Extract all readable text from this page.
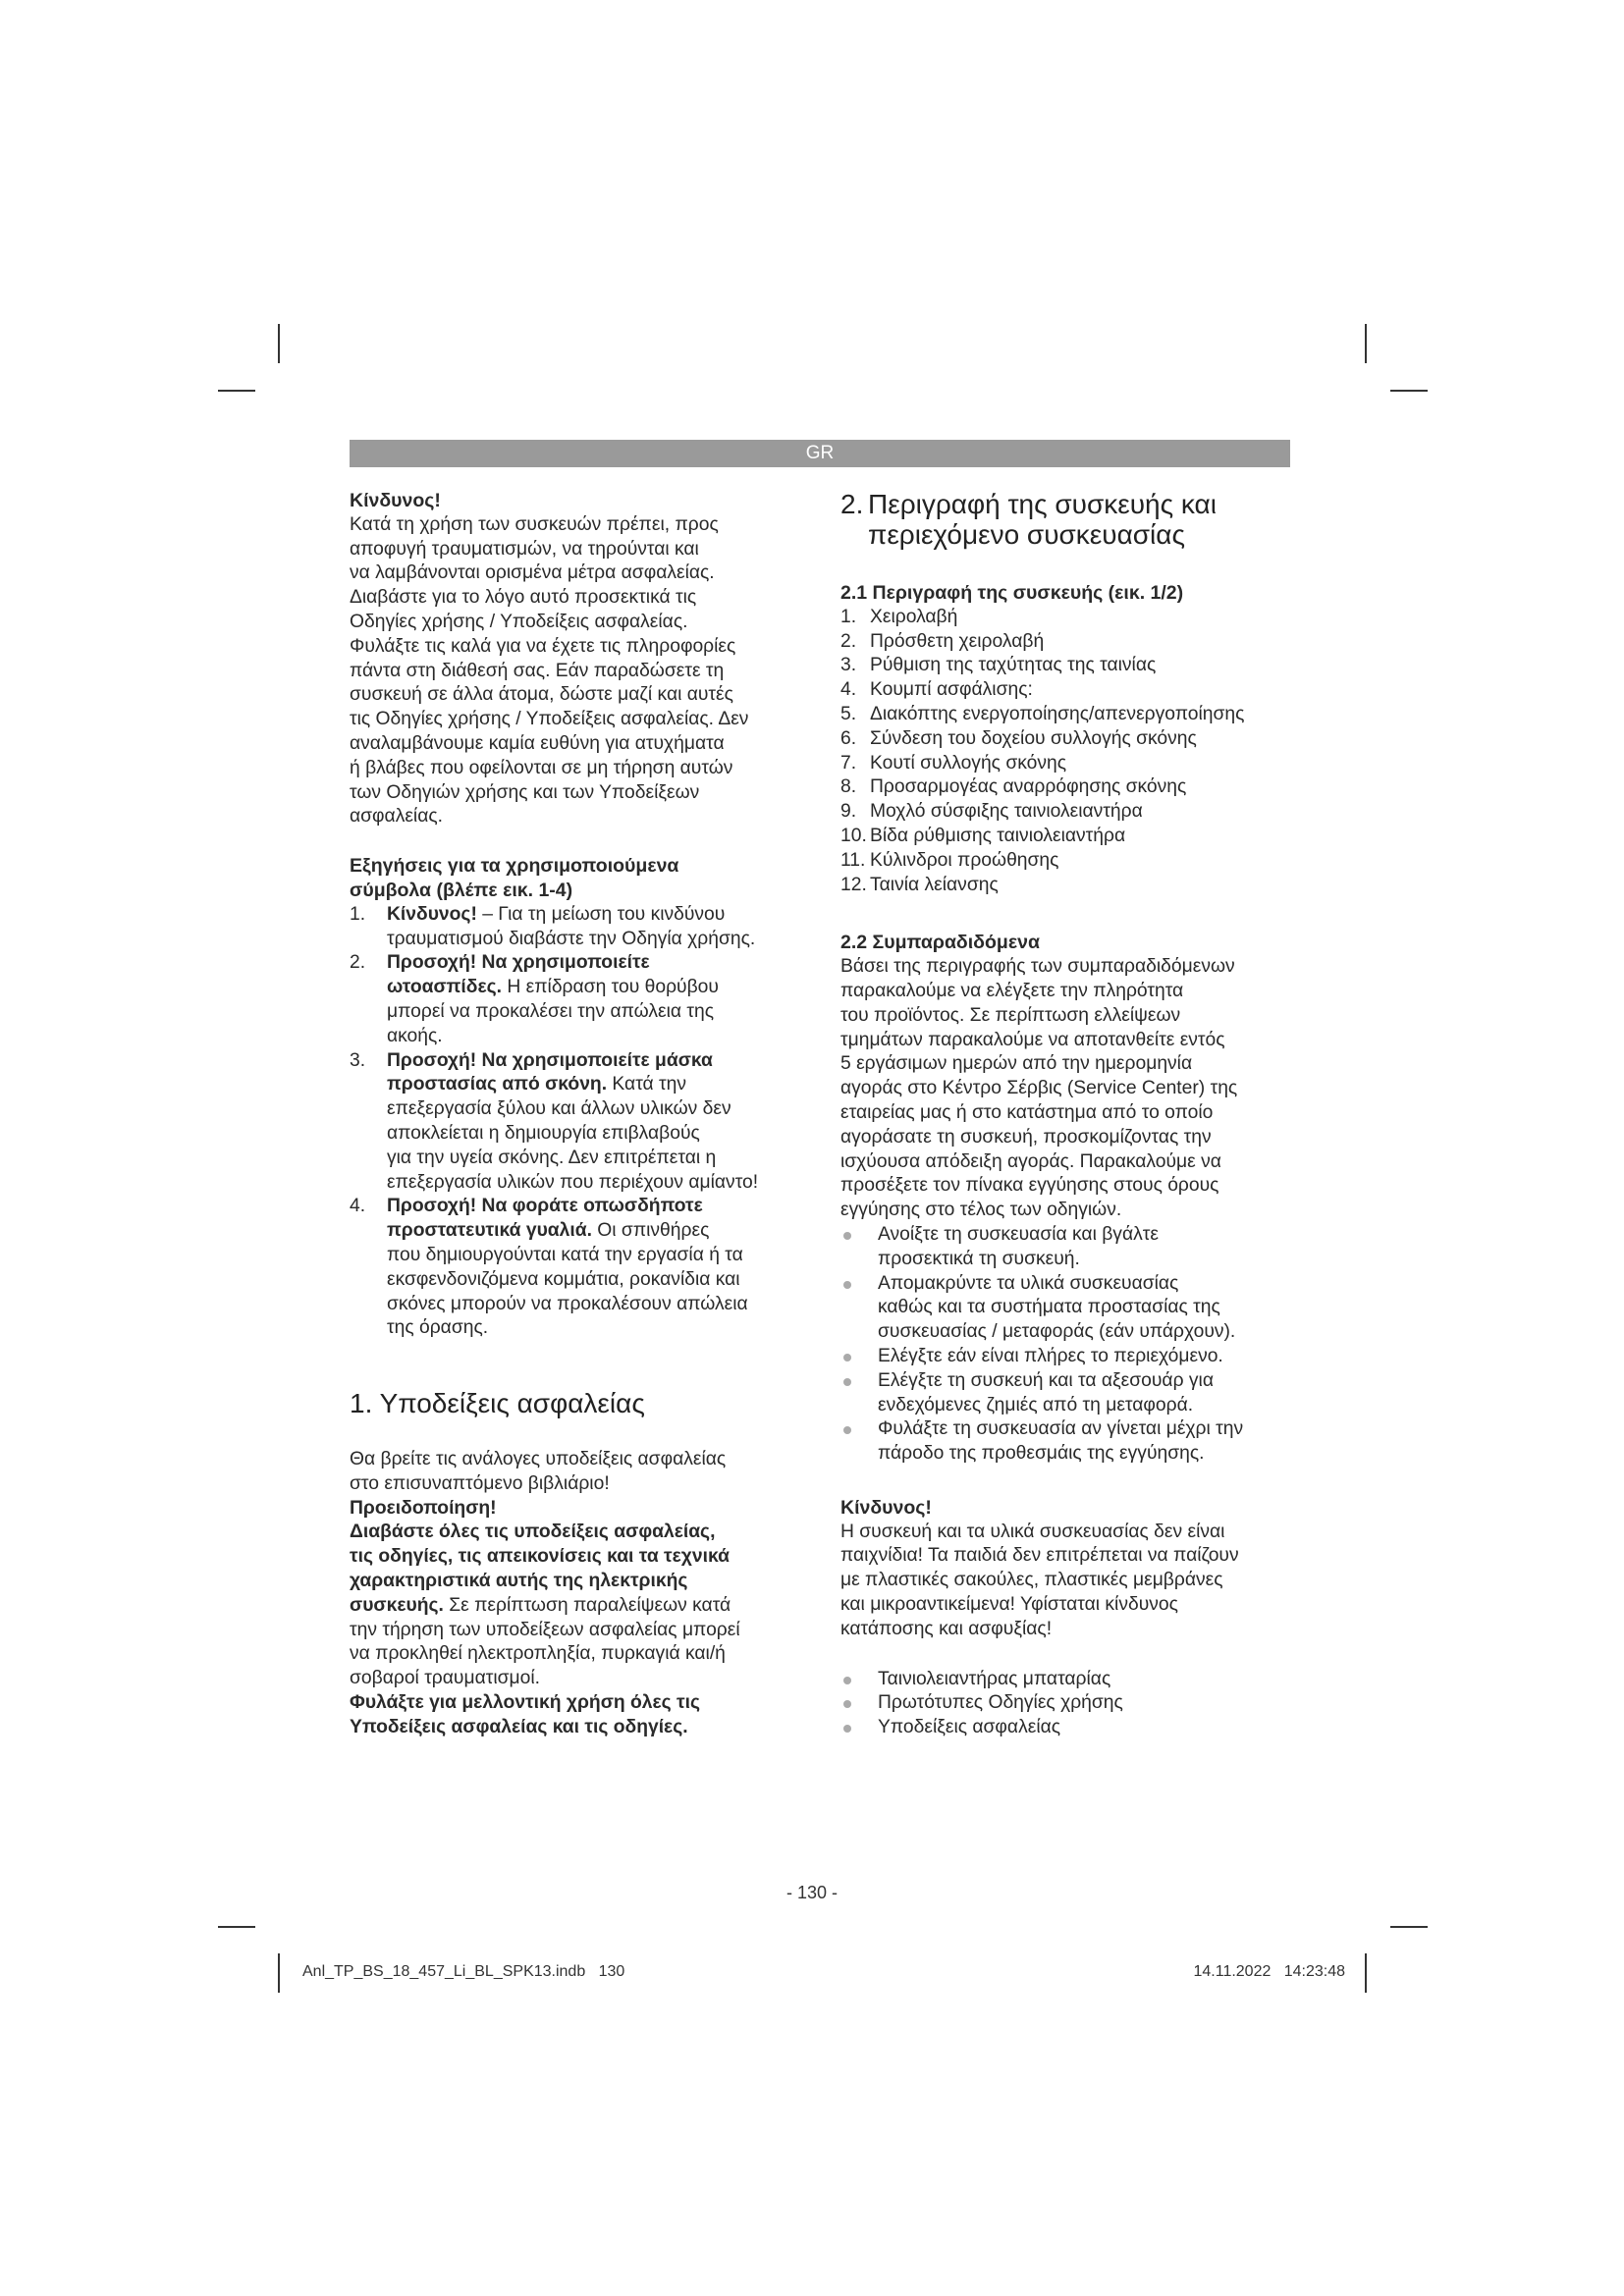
GR

Κίνδυνος!

Κατά τη χρήση των συσκευών πρέπει, προς
αποφυγή τραυματισμών, να τηρούνται και
να λαμβάνονται ορισμένα μέτρα ασφαλείας.
Διαβάστε για το λόγο αυτό προσεκτικά τις
Οδηγίες χρήσης / Υποδείξεις ασφαλείας.
Φυλάξτε τις καλά για να έχετε τις πληροφορίες
πάντα στη διάθεσή σας. Εάν παραδώσετε τη
συσκευή σε άλλα άτομα, δώστε μαζί και αυτές
τις Οδηγίες χρήσης / Υποδείξεις ασφαλείας. Δεν
αναλαμβάνουμε καμία ευθύνη για ατυχήματα
ή βλάβες που οφείλονται σε μη τήρηση αυτών
των Οδηγιών χρήσης και των Υποδείξεων
ασφαλείας.

Εξηγήσεις για τα χρησιμοποιούμενα
σύμβολα (βλέπε εικ. 1-4)

1. Κίνδυνος! – Για τη μείωση του κινδύνου
τραυματισμού διαβάστε την Οδηγία χρήσης.
2. Προσοχή! Να χρησιμοποιείτε
ωτοασπίδες. Η επίδραση του θορύβου
μπορεί να προκαλέσει την απώλεια της
ακοής.
3. Προσοχή! Να χρησιμοποιείτε μάσκα
προστασίας από σκόνη. Κατά την
επεξεργασία ξύλου και άλλων υλικών δεν
αποκλείεται η δημιουργία επιβλαβούς
για την υγεία σκόνης. Δεν επιτρέπεται η
επεξεργασία υλικών που περιέχουν αμίαντο!
4. Προσοχή! Να φοράτε οπωσδήποτε
προστατευτικά γυαλιά. Οι σπινθήρες
που δημιουργούνται κατά την εργασία ή τα
εκσφενδονιζόμενα κομμάτια, ροκανίδια και
σκόνες μπορούν να προκαλέσουν απώλεια
της όρασης.

1. Υποδείξεις ασφαλείας

Θα βρείτε τις ανάλογες υποδείξεις ασφαλείας
στο επισυναπτόμενο βιβλιάριο!

Προειδοποίηση!

Διαβάστε όλες τις υποδείξεις ασφαλείας,
τις οδηγίες, τις απεικονίσεις και τα τεχνικά
χαρακτηριστικά αυτής της ηλεκτρικής
συσκευής. Σε περίπτωση παραλείψεων κατά
την τήρηση των υποδείξεων ασφαλείας μπορεί
να προκληθεί ηλεκτροπληξία, πυρκαγιά και/ή
σοβαροί τραυματισμοί.

Φυλάξτε για μελλοντική χρήση όλες τις
Υποδείξεις ασφαλείας και τις οδηγίες.

2. Περιγραφή της συσκευής και
περιεχόμενο συσκευασίας

2.1 Περιγραφή της συσκευής (εικ. 1/2)

1. Χειρολαβή
2. Πρόσθετη χειρολαβή
3. Ρύθμιση της ταχύτητας της ταινίας
4. Κουμπί ασφάλισης:
5. Διακόπτης ενεργοποίησης/απενεργοποίησης
6. Σύνδεση του δοχείου συλλογής σκόνης
7. Κουτί συλλογής σκόνης
8. Προσαρμογέας αναρρόφησης σκόνης
9. Μοχλό σύσφιξης ταινιολειαντήρα
10. Βίδα ρύθμισης ταινιολειαντήρα
11. Κύλινδροι προώθησης
12. Ταινία λείανσης

2.2 Συμπαραδιδόμενα

Βάσει της περιγραφής των συμπαραδιδόμενων
παρακαλούμε να ελέγξετε την πληρότητα
του προϊόντος. Σε περίπτωση ελλείψεων
τμημάτων παρακαλούμε να αποτανθείτε εντός
5 εργάσιμων ημερών από την ημερομηνία
αγοράς στο Κέντρο Σέρβις (Service Center) της
εταιρείας μας ή στο κατάστημα από το οποίο
αγοράσατε τη συσκευή, προσκομίζοντας την
ισχύουσα απόδειξη αγοράς. Παρακαλούμε να
προσέξετε τον πίνακα εγγύησης στους όρους
εγγύησης στο τέλος των οδηγιών.

Ανοίξτε τη συσκευασία και βγάλτε
προσεκτικά τη συσκευή.
Απομακρύντε τα υλικά συσκευασίας
καθώς και τα συστήματα προστασίας της
συσκευασίας / μεταφοράς (εάν υπάρχουν).
Ελέγξτε εάν είναι πλήρες το περιεχόμενο.
Ελέγξτε τη συσκευή και τα αξεσουάρ για
ενδεχόμενες ζημιές από τη μεταφορά.
Φυλάξτε τη συσκευασία αν γίνεται μέχρι την
πάροδο της προθεσμάις της εγγύησης.

Κίνδυνος!

Η συσκευή και τα υλικά συσκευασίας δεν είναι
παιχνίδια! Τα παιδιά δεν επιτρέπεται να παίζουν
με πλαστικές σακούλες, πλαστικές μεμβράνες
και μικροαντικείμενα! Υφίσταται κίνδυνος
κατάποσης και ασφυξίας!

Ταινιολειαντήρας μπαταρίας
Πρωτότυπες Οδηγίες χρήσης
Υποδείξεις ασφαλείας
- 130 -
Anl_TP_BS_18_457_Li_BL_SPK13.indb   130	14.11.2022   14:23:48
